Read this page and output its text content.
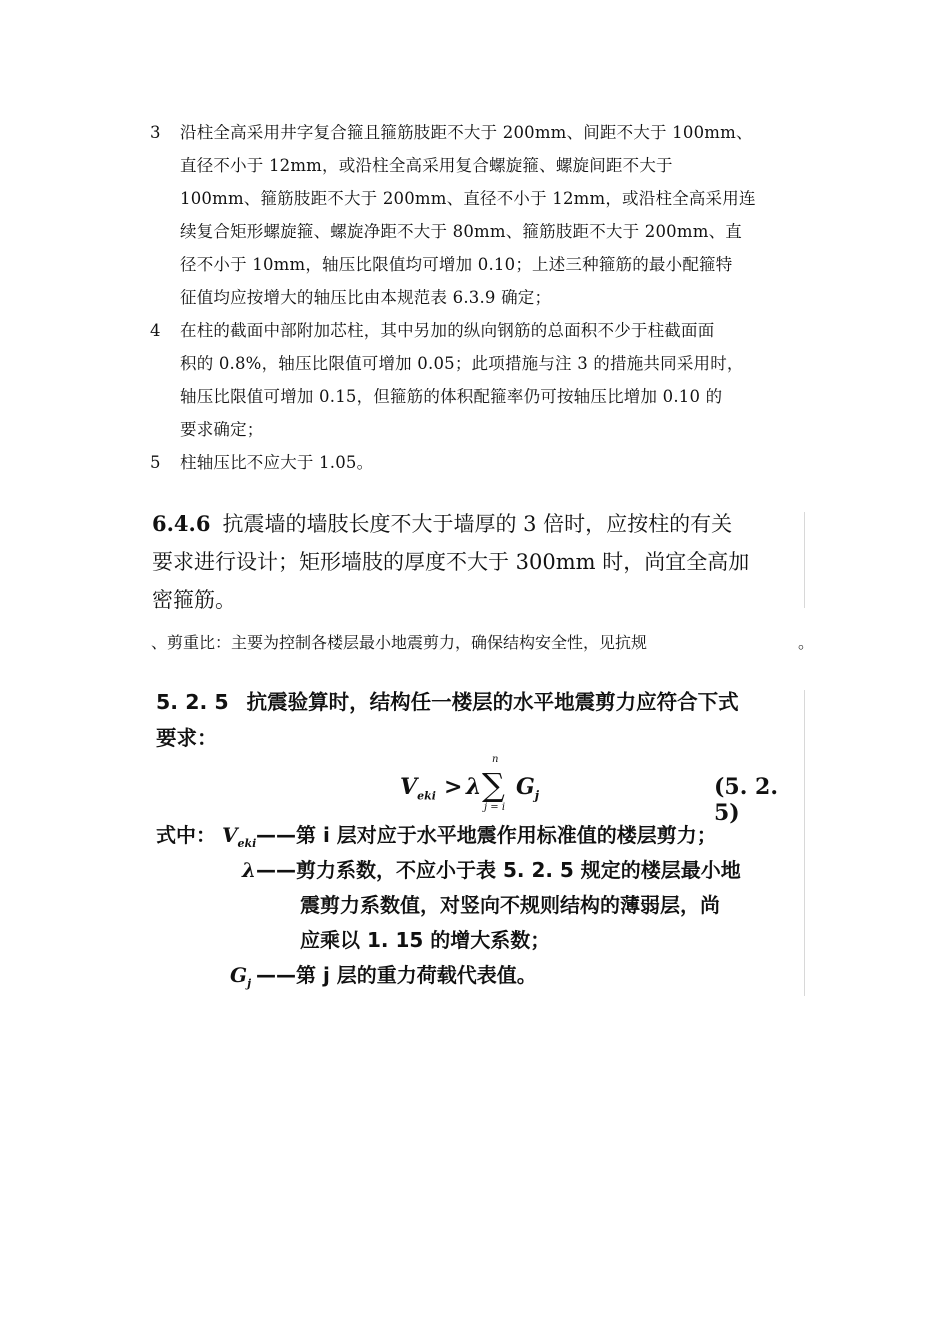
3	沿柱全高采用井字复合箍且箍筋肢距不大于 200mm、间距不大于 100mm、
直径不小于 12mm，或沿柱全高采用复合螺旋箍、螺旋间距不大于
100mm、箍筋肢距不大于 200mm、直径不小于 12mm，或沿柱全高采用连
续复合矩形螺旋箍、螺旋净距不大于 80mm、箍筋肢距不大于 200mm、直
径不小于 10mm，轴压比限值均可增加 0.10；上述三种箍筋的最小配箍特
征值均应按增大的轴压比由本规范表 6.3.9 确定；
4	在柱的截面中部附加芯柱，其中另加的纵向钢筋的总面积不少于柱截面面
积的 0.8%，轴压比限值可增加 0.05；此项措施与注 3 的措施共同采用时，
轴压比限值可增加 0.15，但箍筋的体积配箍率仍可按轴压比增加 0.10 的
要求确定；
5	柱轴压比不应大于 1.05。
6.4.6 抗震墙的墙肢长度不大于墙厚的 3 倍时，应按柱的有关
要求进行设计；矩形墙肢的厚度不大于 300mm 时，尚宜全高加
密箍筋。
、剪重比：主要为控制各楼层最小地震剪力，确保结构安全性，见抗规	。
5. 2. 5 抗震验算时，结构任一楼层的水平地震剪力应符合下式
要求：
$V_{eki} > \lambda$
n
∑
j = i
$G_j$	(5. 2. 5)
式中： $V_{eki}$ ——第 i 层对应于水平地震作用标准值的楼层剪力；
λ ——剪力系数，不应小于表 5. 2. 5 规定的楼层最小地
震剪力系数值，对竖向不规则结构的薄弱层，尚
应乘以 1. 15 的增大系数；
$G_j$ ——第 j 层的重力荷载代表值。
